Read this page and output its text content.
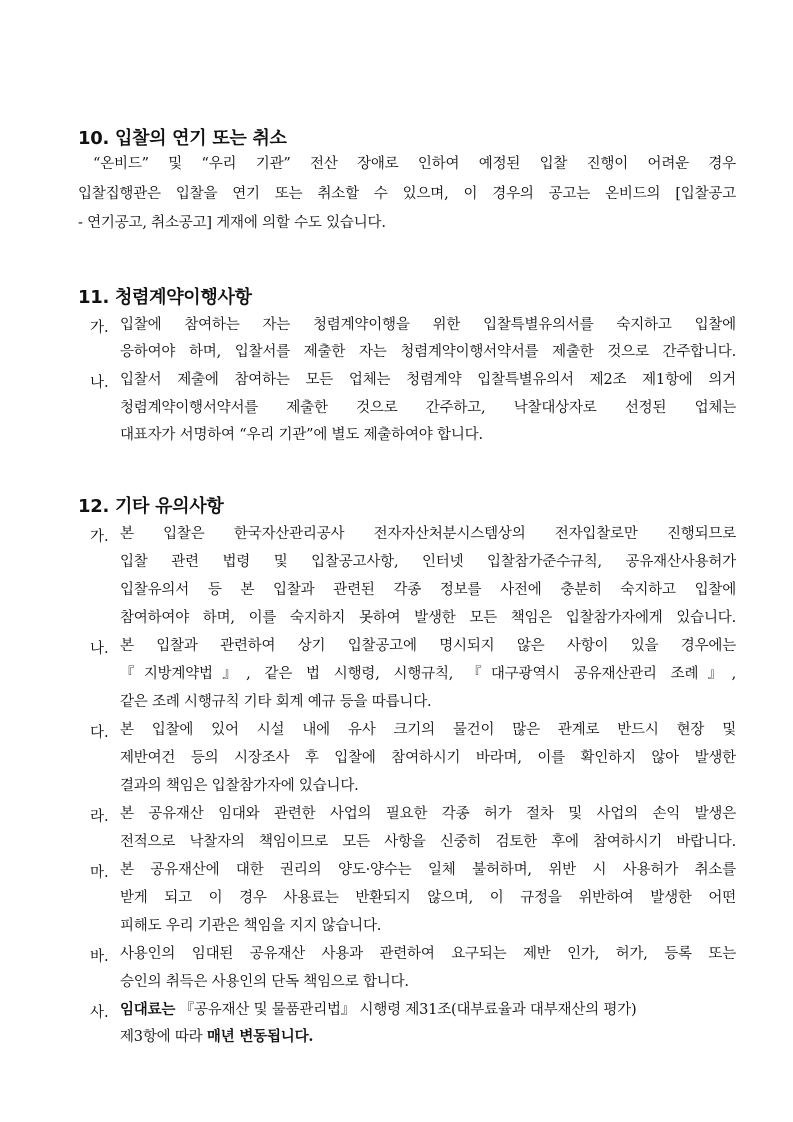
10. 입찰의 연기 또는 취소
“온비드” 및 “우리 기관” 전산 장애로 인하여 예정된 입찰 진행이 어려운 경우
입찰집행관은 입찰을 연기 또는 취소할 수 있으며, 이 경우의 공고는 온비드의 [입찰공고
- 연기공고, 취소공고] 게재에 의할 수도 있습니다.
11. 청렴계약이행사항
가. 입찰에 참여하는 자는 청렴계약이행을 위한 입찰특별유의서를 숙지하고 입찰에
응하여야 하며, 입찰서를 제출한 자는 청렴계약이행서약서를 제출한 것으로 간주합니다.
나. 입찰서 제출에 참여하는 모든 업체는 청렴계약 입찰특별유의서 제2조 제1항에 의거
청렴계약이행서약서를 제출한 것으로 간주하고, 낙찰대상자로 선정된 업체는
대표자가 서명하여 “우리 기관”에 별도 제출하여야 합니다.
12. 기타 유의사항
가. 본 입찰은 한국자산관리공사 전자자산처분시스템상의 전자입찰로만 진행되므로
입찰 관련 법령 및 입찰공고사항, 인터넷 입찰참가준수규칙, 공유재산사용허가
입찰유의서 등 본 입찰과 관련된 각종 정보를 사전에 충분히 숙지하고 입찰에
참여하여야 하며, 이를 숙지하지 못하여 발생한 모든 책임은 입찰참가자에게 있습니다.
나. 본 입찰과 관련하여 상기 입찰공고에 명시되지 않은 사항이 있을 경우에는
『지방계약법』, 같은 법 시행령, 시행규칙, 『대구광역시 공유재산관리 조례』,
같은 조례 시행규칙 기타 회계 예규 등을 따릅니다.
다. 본 입찰에 있어 시설 내에 유사 크기의 물건이 많은 관계로 반드시 현장 및
제반여건 등의 시장조사 후 입찰에 참여하시기 바라며, 이를 확인하지 않아 발생한
결과의 책임은 입찰참가자에 있습니다.
라. 본 공유재산 임대와 관련한 사업의 필요한 각종 허가 절차 및 사업의 손익 발생은
전적으로 낙찰자의 책임이므로 모든 사항을 신중히 검토한 후에 참여하시기 바랍니다.
마. 본 공유재산에 대한 권리의 양도·양수는 일체 불허하며, 위반 시 사용허가 취소를
받게 되고 이 경우 사용료는 반환되지 않으며, 이 규정을 위반하여 발생한 어떤
피해도 우리 기관은 책임을 지지 않습니다.
바. 사용인의 임대된 공유재산 사용과 관련하여 요구되는 제반 인가, 허가, 등록 또는
승인의 취득은 사용인의 단독 책임으로 합니다.
사. 임대료는 『공유재산 및 물품관리법』 시행령 제31조(대부료율과 대부재산의 평가)
제3항에 따라 매년 변동됩니다.
